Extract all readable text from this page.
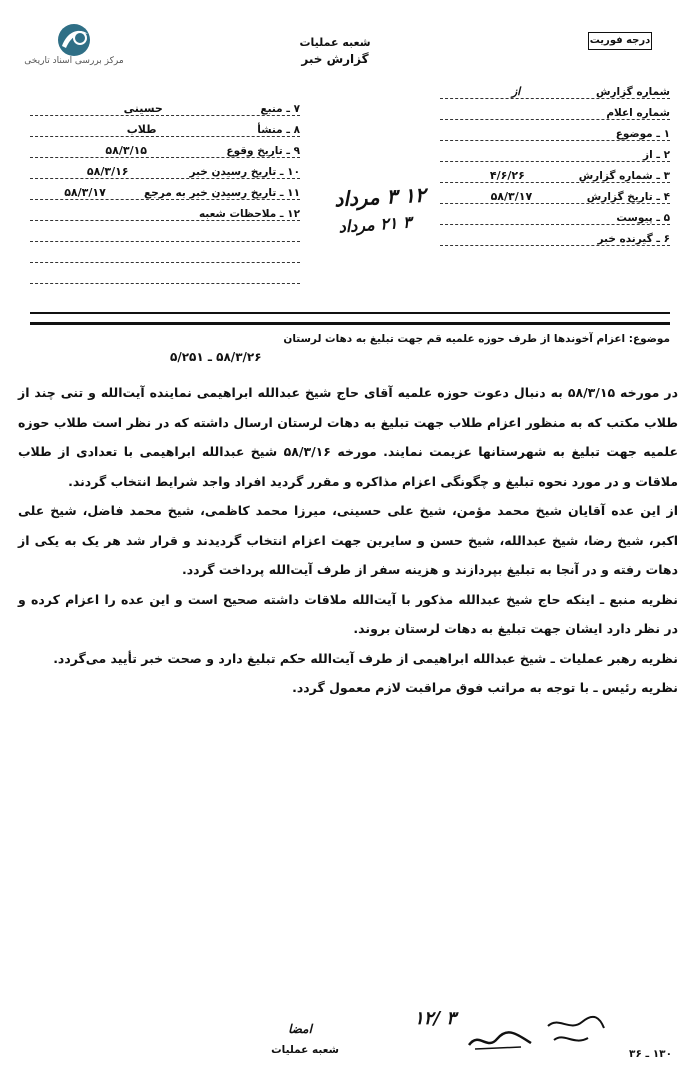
مرکز بررسی اسناد تاریخی
شعبه عملیات
گزارش خبر
درجه فوریت
شماره گزارش
از
شماره اعلام
۱ ـ موضوع
۲ ـ از
۳ ـ شماره گزارش
۴/۶/۲۶
۴ ـ تاریخ گزارش
۵۸/۳/۱۷
۵ ـ پیوست
۶ ـ گیرنده خبر
۷ ـ منبع
حسینی
۸ ـ منشأ
طلاب
۹ ـ تاریخ وقوع
۵۸/۳/۱۵
۱۰ ـ تاریخ رسیدن خبر
۵۸/۳/۱۶
۱۱ ـ تاریخ رسیدن خبر به مرجع
۵۸/۳/۱۷
۱۲ ـ ملاحظات شعبه
۱۲ ۳ مرداد
۳ ۲۱ مرداد
موضوع: اعزام آخوندها از طرف حوزه علمیه قم جهت تبلیغ به دهات لرستان
۵۸/۳/۲۶ ـ ۵/۲۵۱
در مورخه ۵۸/۳/۱۵ به دنبال دعوت حوزه علمیه آقای حاج شیخ عبدالله ابراهیمی نماینده آیت‌الله و تنی چند از طلاب مکتب که به منظور اعزام طلاب جهت تبلیغ به دهات لرستان ارسال داشته که در نظر است طلاب حوزه علمیه جهت تبلیغ به شهرستانها عزیمت نمایند. مورخه ۵۸/۳/۱۶ شیخ عبدالله ابراهیمی با تعدادی از طلاب ملاقات و در مورد نحوه تبلیغ و چگونگی اعزام مذاکره و مقرر گردید افراد واجد شرایط انتخاب گردند.
از این عده آقایان شیخ محمد مؤمن، شیخ علی حسینی، میرزا محمد کاظمی، شیخ محمد فاضل، شیخ علی اکبر، شیخ رضا، شیخ عبدالله، شیخ حسن و سایرین جهت اعزام انتخاب گردیدند و قرار شد هر یک به یکی از دهات رفته و در آنجا به تبلیغ بپردازند و هزینه سفر از طرف آیت‌الله پرداخت گردد.
نظریه منبع ـ اینکه حاج شیخ عبدالله مذکور با آیت‌الله ملاقات داشته صحیح است و این عده را اعزام کرده و در نظر دارد ایشان جهت تبلیغ به دهات لرستان بروند.
نظریه رهبر عملیات ـ شیخ عبدالله ابراهیمی از طرف آیت‌الله حکم تبلیغ دارد و صحت خبر تأیید می‌گردد.
نظریه رئیس ـ با توجه به مراتب فوق مراقبت لازم معمول گردد.
۱۲/ ۳
امضا
شعبه عملیات	۱۳۰ ـ ۳۶
